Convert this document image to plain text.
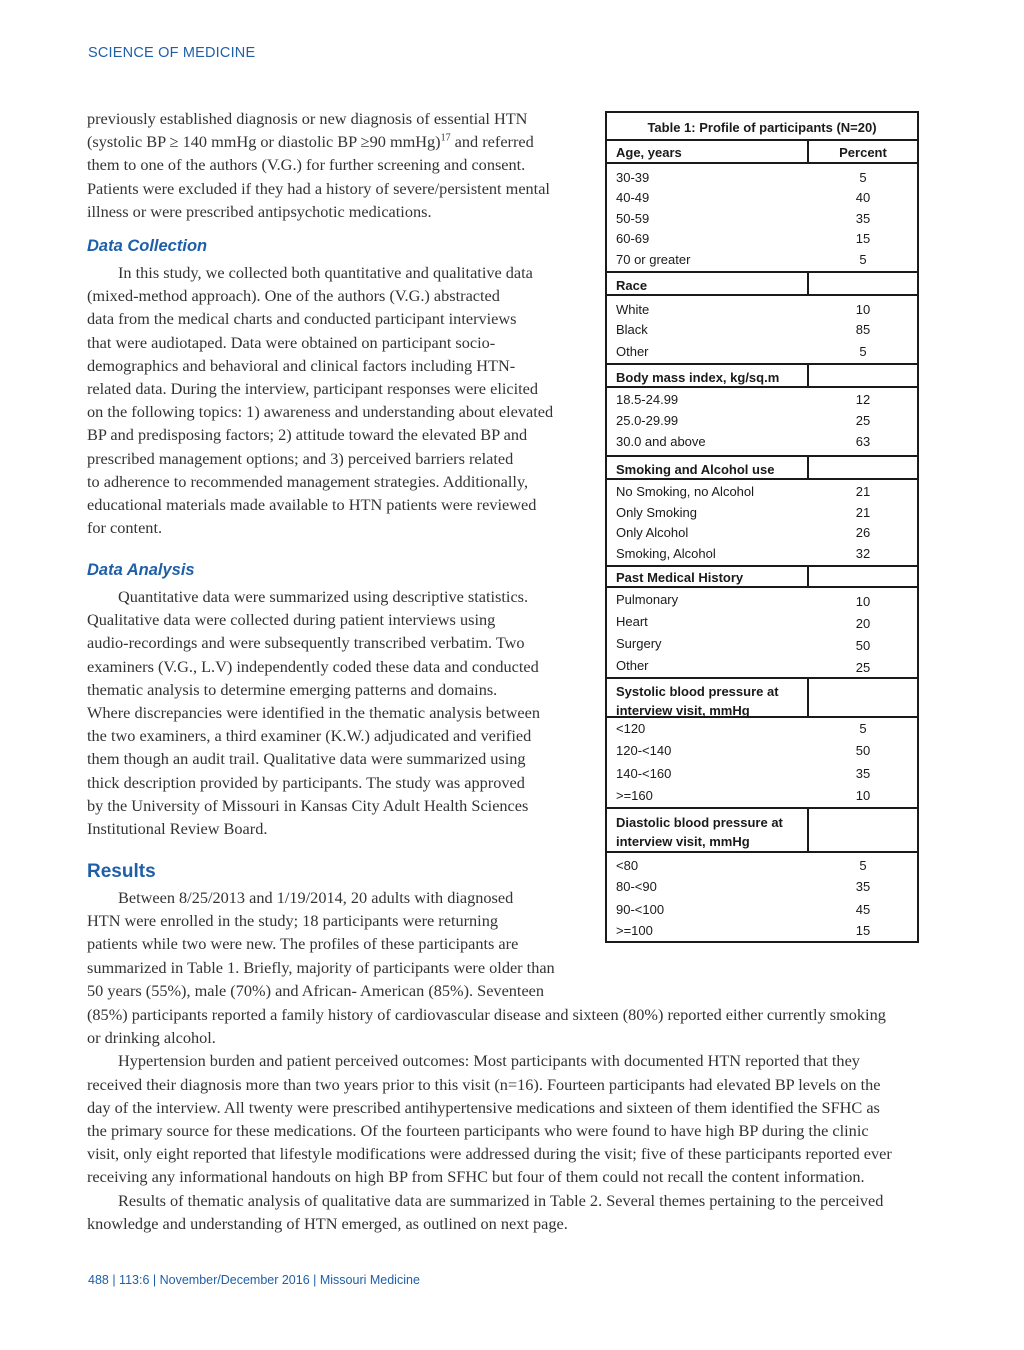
SCIENCE OF MEDICINE
previously established diagnosis or new diagnosis of essential HTN
(systolic BP ≥ 140 mmHg or diastolic BP ≥90 mmHg)$^{17}$ and referred
them to one of the authors (V.G.) for further screening and consent.
Patients were excluded if they had a history of severe/persistent mental
illness or were prescribed antipsychotic medications.
Data Collection
In this study, we collected both quantitative and qualitative data
(mixed-method approach). One of the authors (V.G.) abstracted
data from the medical charts and conducted participant interviews
that were audiotaped. Data were obtained on participant socio-
demographics and behavioral and clinical factors including HTN-
related data. During the interview, participant responses were elicited
on the following topics: 1) awareness and understanding about elevated
BP and predisposing factors; 2) attitude toward the elevated BP and
prescribed management options; and 3) perceived barriers related
to adherence to recommended management strategies. Additionally,
educational materials made available to HTN patients were reviewed
for content.
Data Analysis
Quantitative data were summarized using descriptive statistics.
Qualitative data were collected during patient interviews using
audio-recordings and were subsequently transcribed verbatim. Two
examiners (V.G., L.V) independently coded these data and conducted
thematic analysis to determine emerging patterns and domains.
Where discrepancies were identified in the thematic analysis between
the two examiners, a third examiner (K.W.) adjudicated and verified
them though an audit trail. Qualitative data were summarized using
thick description provided by participants. The study was approved
by the University of Missouri in Kansas City Adult Health Sciences
Institutional Review Board.
Results
Between 8/25/2013 and 1/19/2014, 20 adults with diagnosed
HTN were enrolled in the study; 18 participants were returning
patients while two were new. The profiles of these participants are
summarized in Table 1. Briefly, majority of participants were older than
50 years (55%), male (70%) and African- American (85%). Seventeen
(85%) participants reported a family history of cardiovascular disease and sixteen (80%) reported either currently smoking
or drinking alcohol.
Hypertension burden and patient perceived outcomes: Most participants with documented HTN reported that they
received their diagnosis more than two years prior to this visit (n=16). Fourteen participants had elevated BP levels on the
day of the interview. All twenty were prescribed antihypertensive medications and sixteen of them identified the SFHC as
the primary source for these medications. Of the fourteen participants who were found to have high BP during the clinic
visit, only eight reported that lifestyle modifications were addressed during the visit; five of these participants reported ever
receiving any informational handouts on high BP from SFHC but four of them could not recall the content information.
Results of thematic analysis of qualitative data are summarized in Table 2. Several themes pertaining to the perceived
knowledge and understanding of HTN emerged, as outlined on next page.
Table 1: Profile of participants (N=20)
Age, years	Percent
30-39	5
40-49	40
50-59	35
60-69	15
70 or greater	5
Race
White	10
Black	85
Other	5
Body mass index, kg/sq.m
18.5-24.99	12
25.0-29.99	25
30.0 and above	63
Smoking and Alcohol use
No Smoking, no Alcohol	21
Only Smoking	21
Only Alcohol	26
Smoking, Alcohol	32
Past Medical History
Pulmonary	10
Heart	20
Surgery	50
Other	25
Systolic blood pressure at
interview visit, mmHg
<120	5
120-<140	50
140-<160	35
>=160	10
Diastolic blood pressure at
interview visit, mmHg
<80	5
80-<90	35
90-<100	45
>=100	15
488 | 113:6 | November/December 2016 | Missouri Medicine
